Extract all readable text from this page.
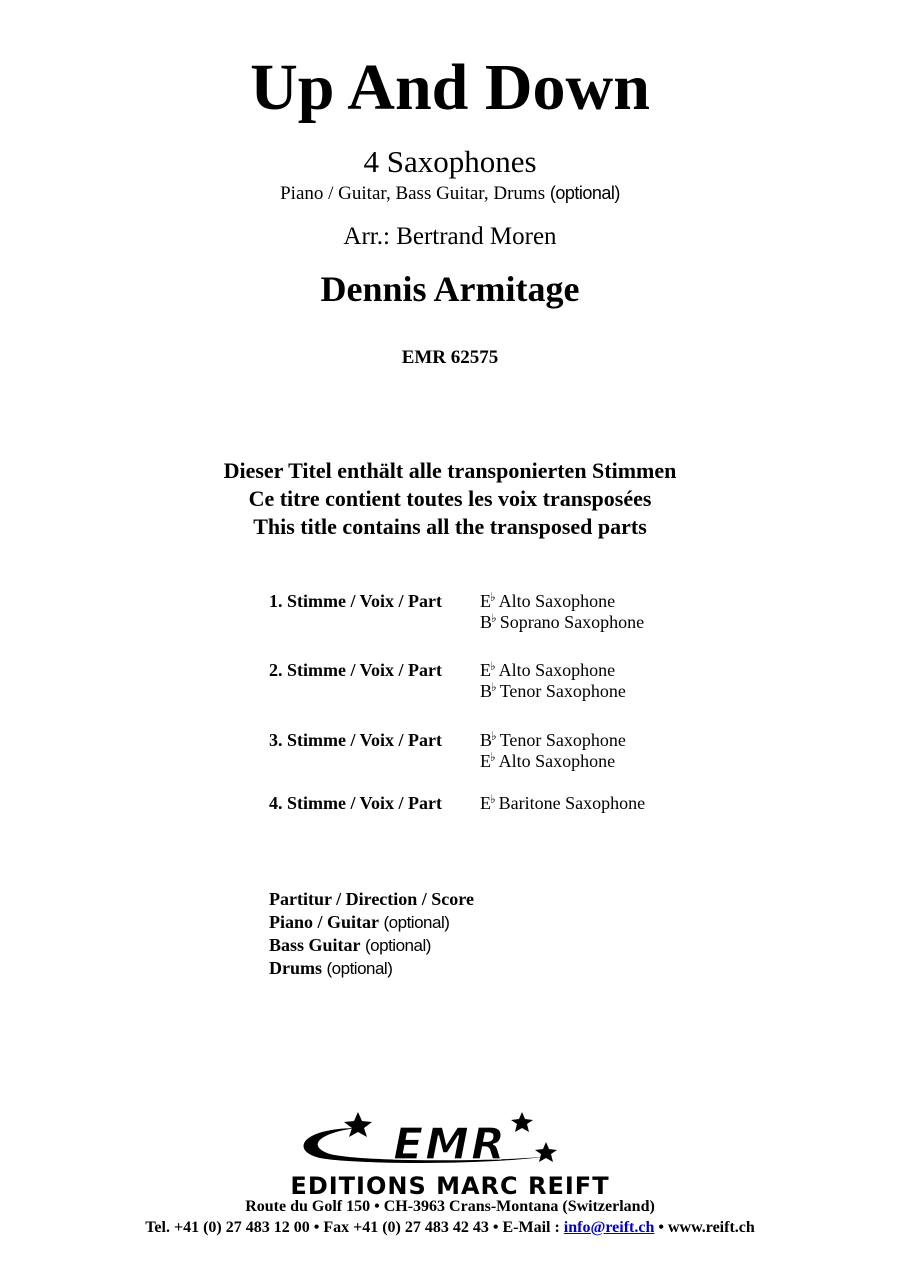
Up And Down
4 Saxophones
Piano / Guitar, Bass Guitar, Drums (optional)
Arr.: Bertrand Moren
Dennis Armitage
EMR 62575
Dieser Titel enthält alle transponierten Stimmen
Ce titre contient toutes les voix transposées
This title contains all the transposed parts
1. Stimme / Voix / Part	E♭ Alto Saxophone
B♭ Soprano Saxophone
2. Stimme / Voix / Part	E♭ Alto Saxophone
B♭ Tenor Saxophone
3. Stimme / Voix / Part	B♭ Tenor Saxophone
E♭ Alto Saxophone
4. Stimme / Voix / Part	E♭ Baritone Saxophone
Partitur / Direction / Score
Piano / Guitar (optional)
Bass Guitar (optional)
Drums (optional)
EMR
EDITIONS MARC REIFT
Route du Golf 150 • CH-3963 Crans-Montana (Switzerland)
Tel. +41 (0) 27 483 12 00 • Fax +41 (0) 27 483 42 43 • E-Mail : info@reift.ch • www.reift.ch
